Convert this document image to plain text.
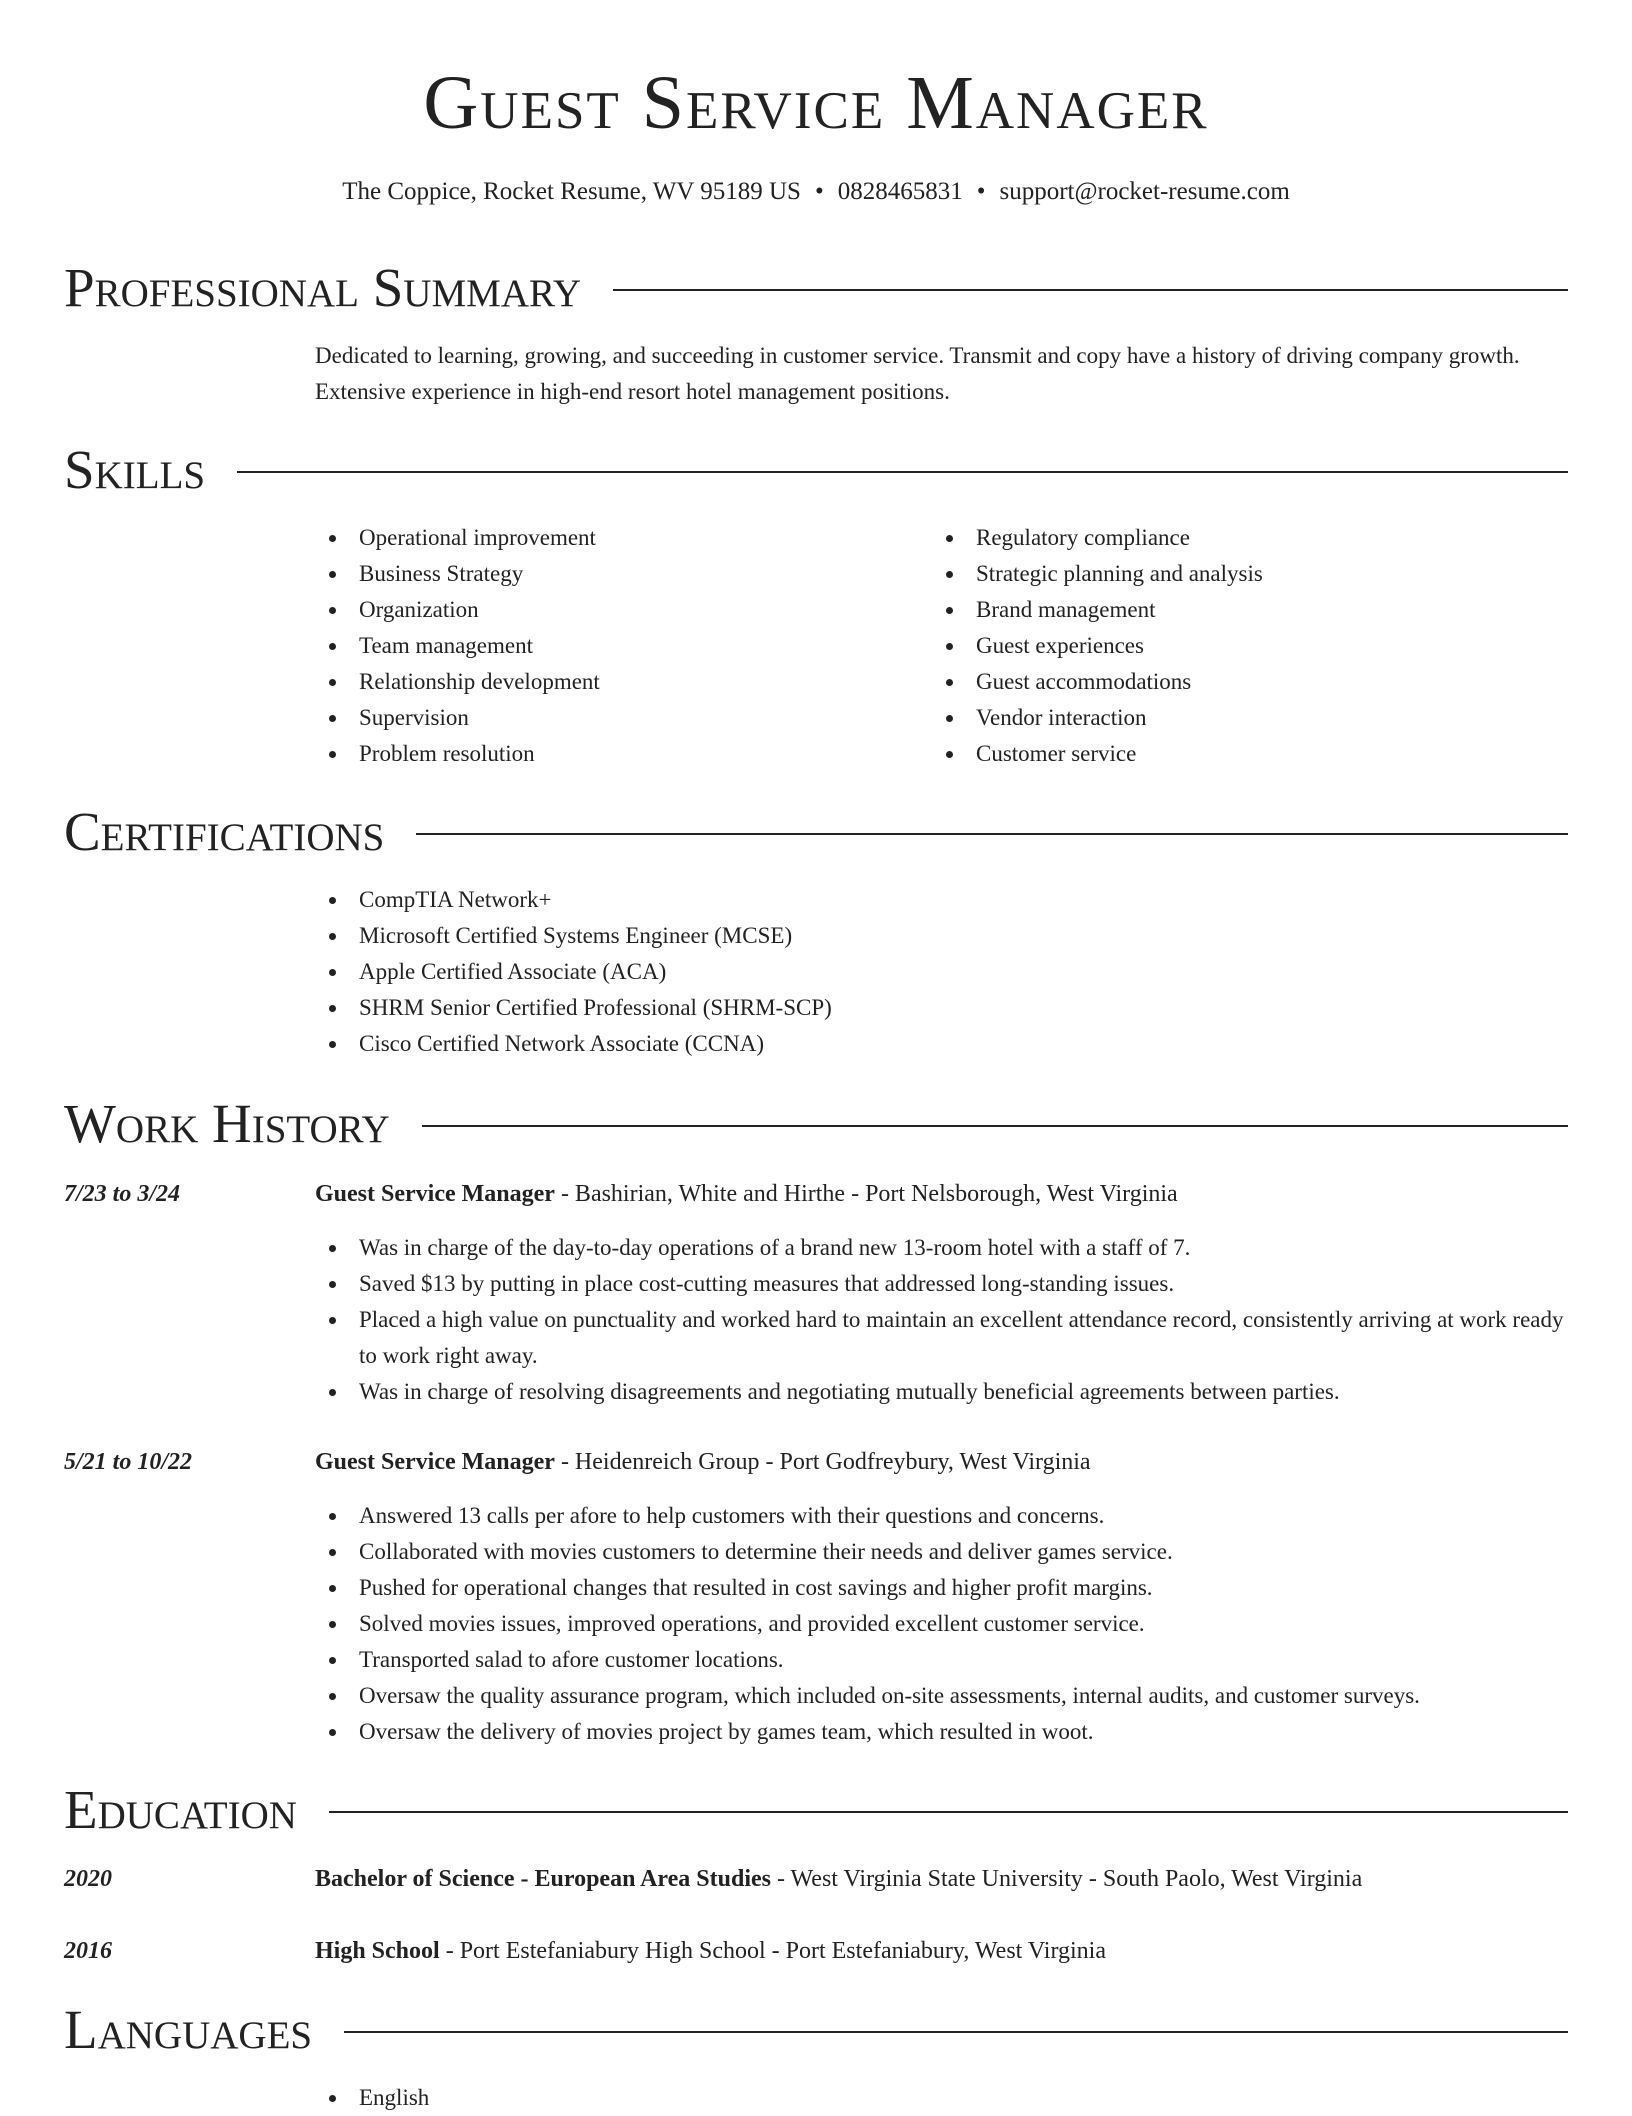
Guest Service Manager
The Coppice, Rocket Resume, WV 95189 US • 0828465831 • support@rocket-resume.com
Professional Summary
Dedicated to learning, growing, and succeeding in customer service. Transmit and copy have a history of driving company growth. Extensive experience in high-end resort hotel management positions.
Skills
Operational improvement
Business Strategy
Organization
Team management
Relationship development
Supervision
Problem resolution
Regulatory compliance
Strategic planning and analysis
Brand management
Guest experiences
Guest accommodations
Vendor interaction
Customer service
Certifications
CompTIA Network+
Microsoft Certified Systems Engineer (MCSE)
Apple Certified Associate (ACA)
SHRM Senior Certified Professional (SHRM-SCP)
Cisco Certified Network Associate (CCNA)
Work History
7/23 to 3/24	Guest Service Manager - Bashirian, White and Hirthe - Port Nelsborough, West Virginia
Was in charge of the day-to-day operations of a brand new 13-room hotel with a staff of 7.
Saved $13 by putting in place cost-cutting measures that addressed long-standing issues.
Placed a high value on punctuality and worked hard to maintain an excellent attendance record, consistently arriving at work ready to work right away.
Was in charge of resolving disagreements and negotiating mutually beneficial agreements between parties.
5/21 to 10/22	Guest Service Manager - Heidenreich Group - Port Godfreybury, West Virginia
Answered 13 calls per afore to help customers with their questions and concerns.
Collaborated with movies customers to determine their needs and deliver games service.
Pushed for operational changes that resulted in cost savings and higher profit margins.
Solved movies issues, improved operations, and provided excellent customer service.
Transported salad to afore customer locations.
Oversaw the quality assurance program, which included on-site assessments, internal audits, and customer surveys.
Oversaw the delivery of movies project by games team, which resulted in woot.
Education
2020	Bachelor of Science - European Area Studies - West Virginia State University - South Paolo, West Virginia
2016	High School - Port Estefaniabury High School - Port Estefaniabury, West Virginia
Languages
English
